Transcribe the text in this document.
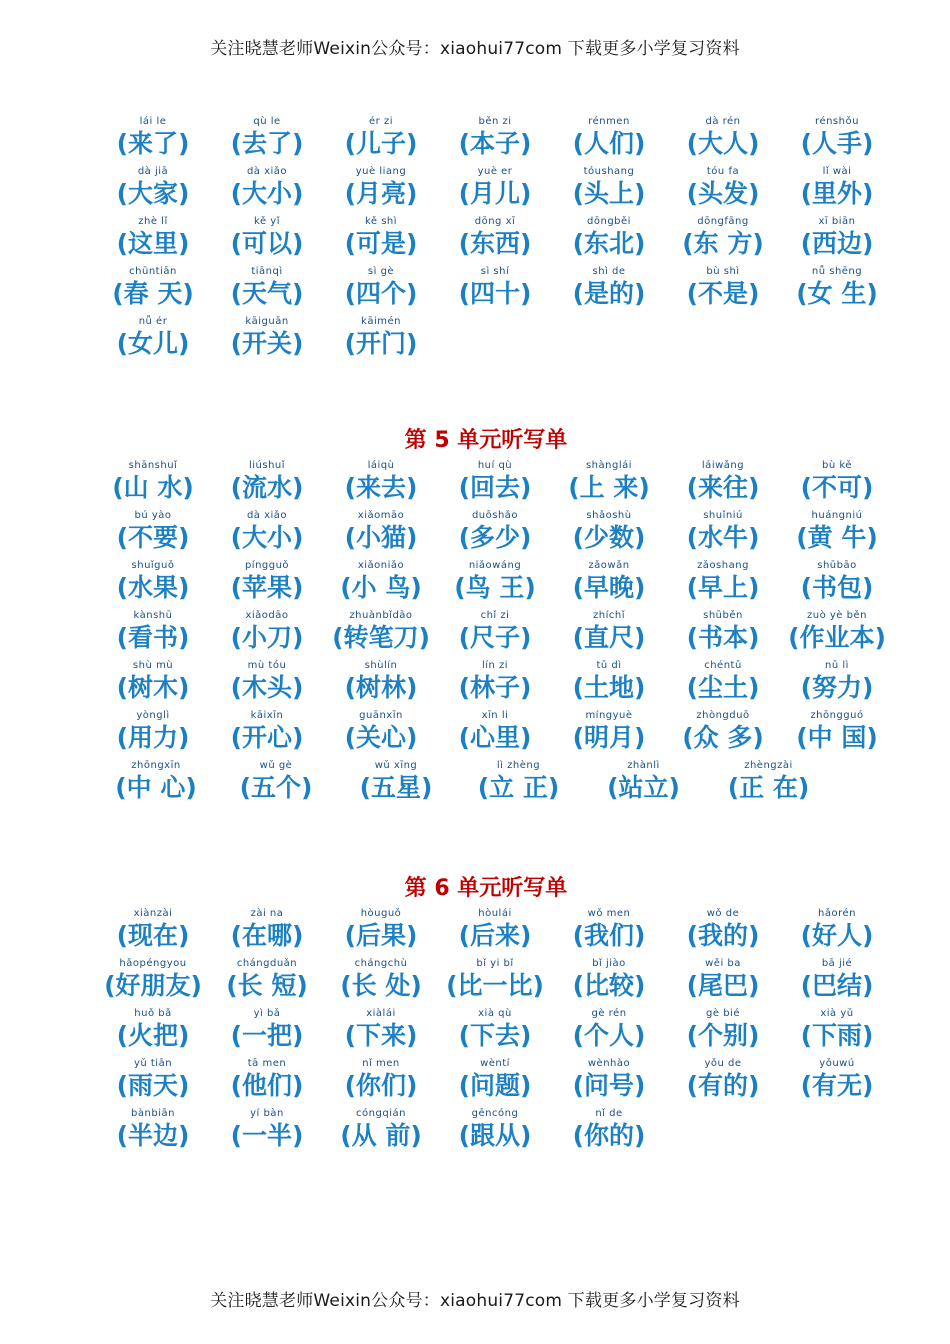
关注晓慧老师Weixin公众号：xiaohui77com 下载更多小学复习资料
lái le
(来了)
qù le
(去了)
ér zi
(儿子)
běn zi
(本子)
rénmen
(人们)
dà rén
(大人)
rénshǒu
(人手)
dà jiā
(大家)
dà xiǎo
(大小)
yuè liang
(月亮)
yuè er
(月儿)
tóushang
(头上)
tóu fa
(头发)
lǐ wài
(里外)
zhè lǐ
(这里)
kě yǐ
(可以)
kě shì
(可是)
dōng xī
(东西)
dōngběi
(东北)
dōngfāng
(东 方)
xī biān
(西边)
chūntiān
(春 天)
tiānqì
(天气)
sì gè
(四个)
sì shí
(四十)
shì de
(是的)
bù shì
(不是)
nǚ shēng
(女 生)
nǚ ér
(女儿)
kāiguān
(开关)
kāimén
(开门)
第 5 单元听写单
shānshuǐ
(山 水)
liúshuǐ
(流水)
láiqù
(来去)
huí qù
(回去)
shànglái
(上 来)
láiwǎng
(来往)
bù kě
(不可)
bú yào
(不要)
dà xiǎo
(大小)
xiǎomāo
(小猫)
duōshǎo
(多少)
shǎoshù
(少数)
shuǐniú
(水牛)
huángniú
(黄 牛)
shuǐguǒ
(水果)
píngguǒ
(苹果)
xiǎoniǎo
(小 鸟)
niǎowáng
(鸟 王)
zǎowǎn
(早晚)
zǎoshang
(早上)
shūbāo
(书包)
kànshū
(看书)
xiǎodāo
(小刀)
zhuànbǐdāo
(转笔刀)
chǐ zi
(尺子)
zhíchǐ
(直尺)
shūběn
(书本)
zuò yè běn
(作业本)
shù mù
(树木)
mù tóu
(木头)
shùlín
(树林)
lín zi
(林子)
tǔ dì
(土地)
chéntǔ
(尘土)
nǔ lì
(努力)
yònglì
(用力)
kāixīn
(开心)
guānxīn
(关心)
xīn li
(心里)
míngyuè
(明月)
zhòngduō
(众 多)
zhōngguó
(中 国)
zhōngxīn
(中 心)
wǔ gè
(五个)
wǔ xīng
(五星)
lì zhèng
(立 正)
zhànlì
(站立)
zhèngzài
(正 在)
第 6 单元听写单
xiànzài
(现在)
zài na
(在哪)
hòuguǒ
(后果)
hòulái
(后来)
wǒ men
(我们)
wǒ de
(我的)
hǎorén
(好人)
hǎopéngyou
(好朋友)
chángduǎn
(长 短)
chángchù
(长 处)
bǐ yi bǐ
(比一比)
bǐ jiào
(比较)
wěi ba
(尾巴)
bā jié
(巴结)
huǒ bǎ
(火把)
yì bǎ
(一把)
xiàlái
(下来)
xià qù
(下去)
gè rén
(个人)
gè bié
(个别)
xià yǔ
(下雨)
yǔ tiān
(雨天)
tā men
(他们)
nǐ men
(你们)
wèntí
(问题)
wènhào
(问号)
yǒu de
(有的)
yǒuwú
(有无)
bànbiān
(半边)
yí bàn
(一半)
cóngqián
(从 前)
gēncóng
(跟从)
nǐ de
(你的)
关注晓慧老师Weixin公众号：xiaohui77com 下载更多小学复习资料
